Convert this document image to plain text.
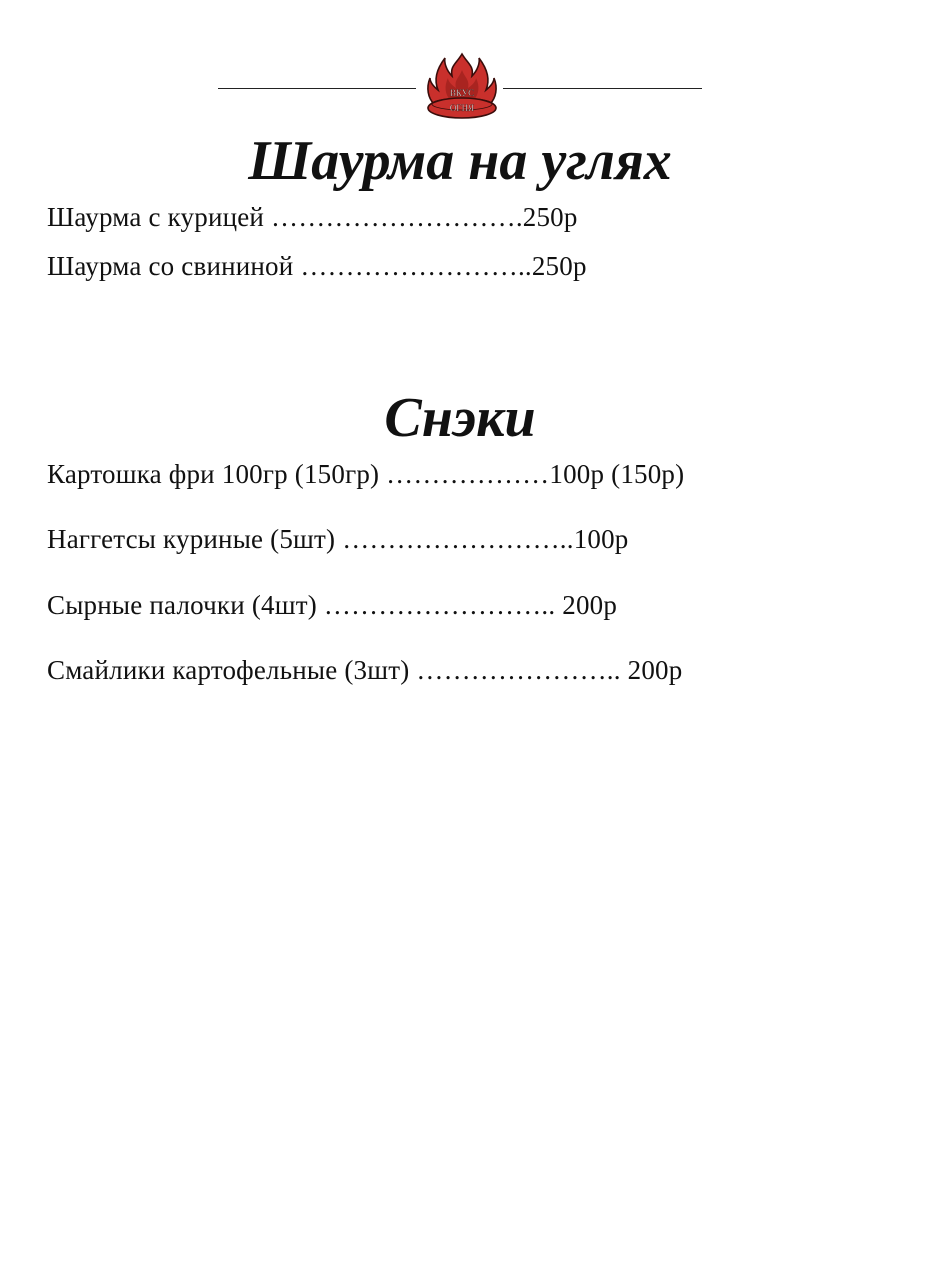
ВКУС
ОГНЯ
Шаурма на углях
Шаурма с курицей ……………………….250р
Шаурма со свининой ……………………..250р
Снэки
Картошка фри 100гр (150гр) ………………100р (150р)
Наггетсы куриные (5шт) ……………………..100р
Сырные палочки (4шт) …………………….. 200р
Смайлики картофельные (3шт) ………………….. 200р
